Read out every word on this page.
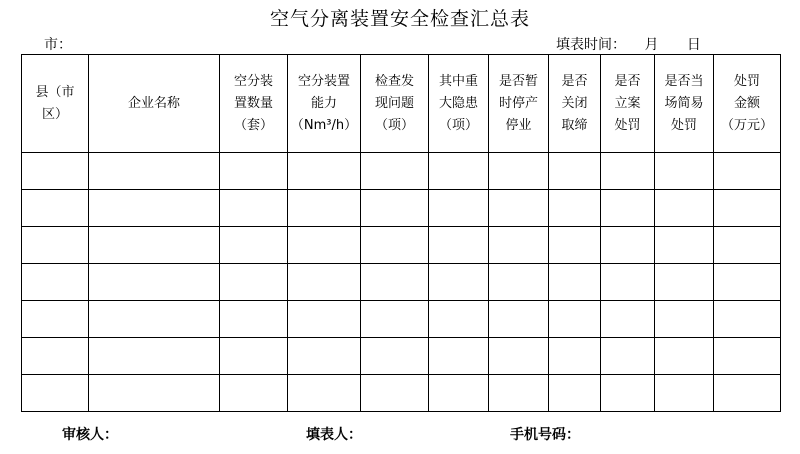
空气分离装置安全检查汇总表
市：	填表时间： 月 日
县（市
区）	企业名称	空分装
置数量
（套）	空分装置
能力
（Nm³/h）	检查发
现问题
（项）	其中重
大隐患
（项）	是否暂
时停产
停业	是否
关闭
取缔	是否
立案
处罚	是否当
场简易
处罚	处罚
金额
（万元）

审核人：	填表人：	手机号码：
